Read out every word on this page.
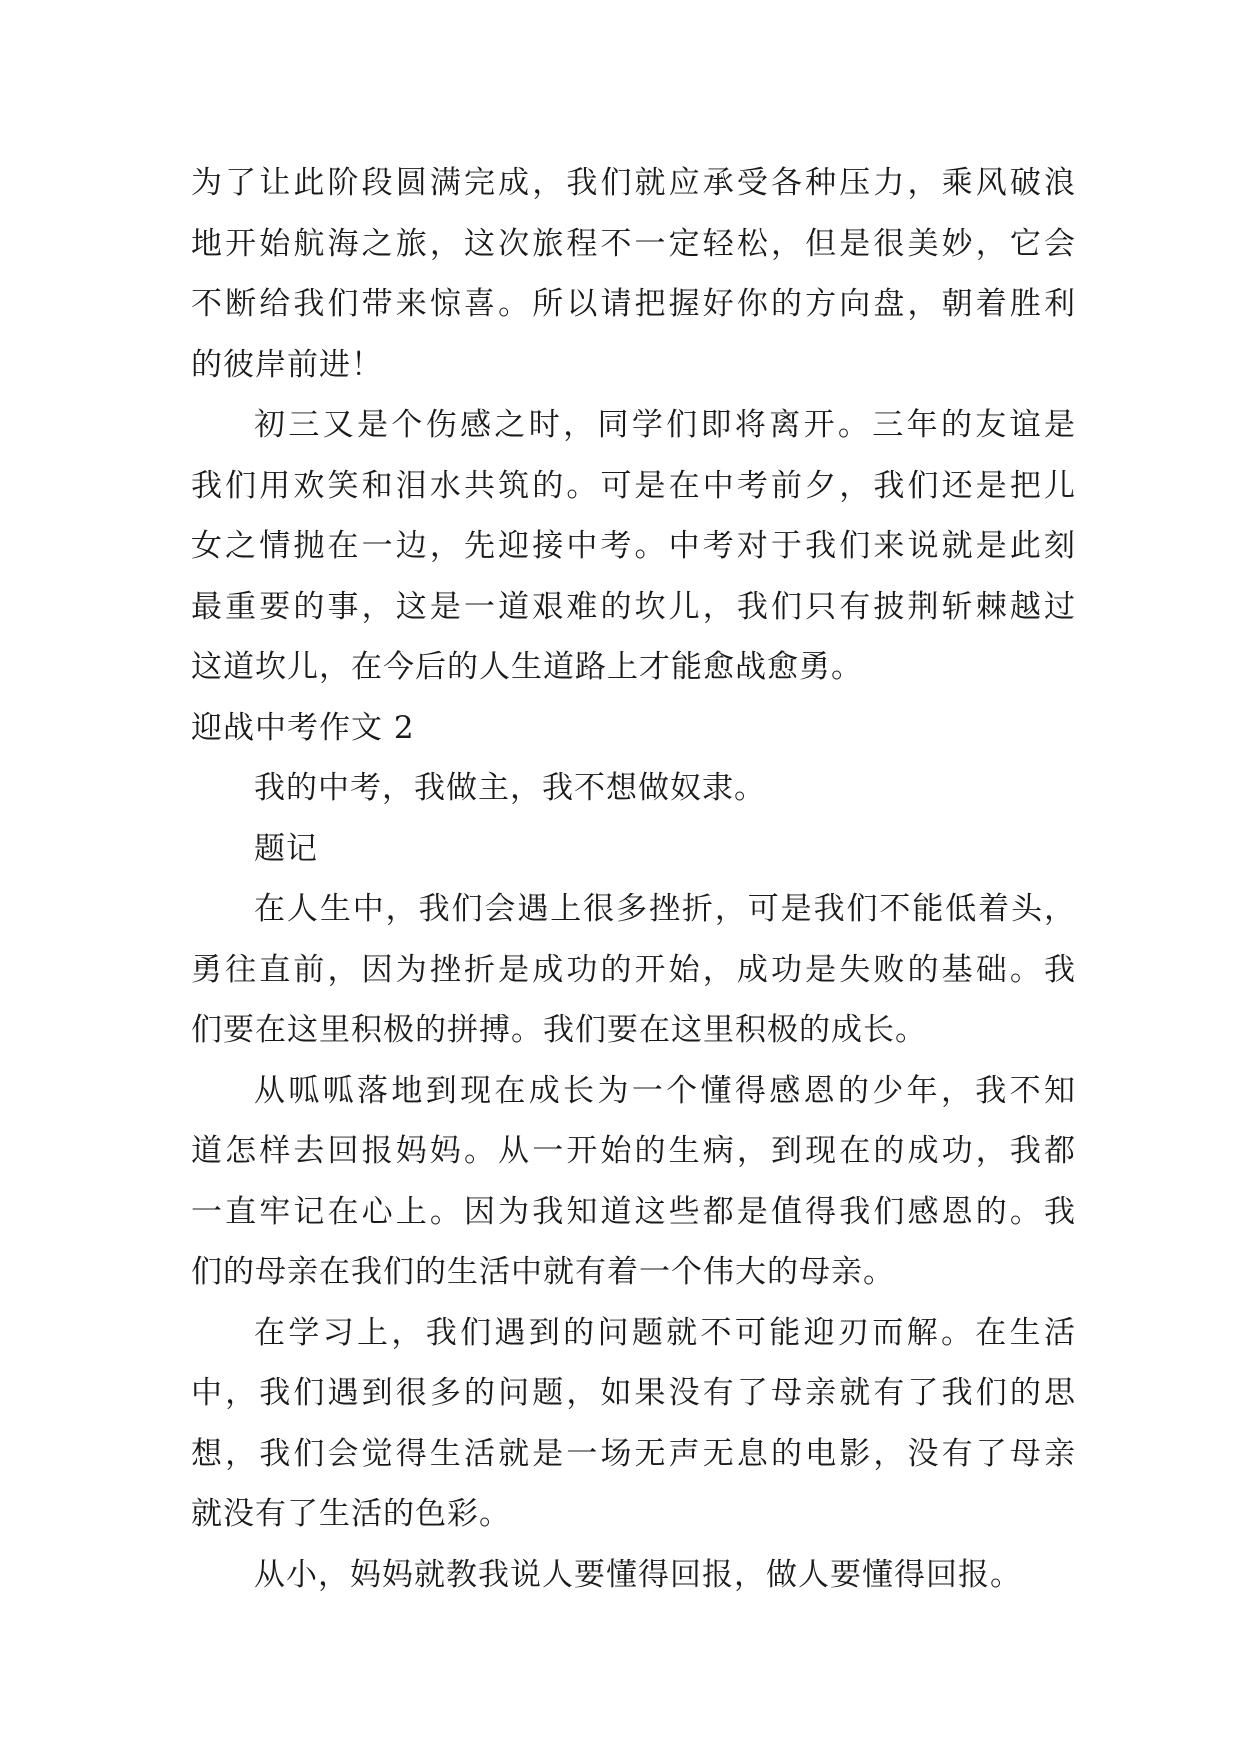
为了让此阶段圆满完成，我们就应承受各种压力，乘风破浪
地开始航海之旅，这次旅程不一定轻松，但是很美妙，它会
不断给我们带来惊喜。所以请把握好你的方向盘，朝着胜利
的彼岸前进！
初三又是个伤感之时，同学们即将离开。三年的友谊是
我们用欢笑和泪水共筑的。可是在中考前夕，我们还是把儿
女之情抛在一边，先迎接中考。中考对于我们来说就是此刻
最重要的事，这是一道艰难的坎儿，我们只有披荆斩棘越过
这道坎儿，在今后的人生道路上才能愈战愈勇。
迎战中考作文 2
我的中考，我做主，我不想做奴隶。
题记
在人生中，我们会遇上很多挫折，可是我们不能低着头，
勇往直前，因为挫折是成功的开始，成功是失败的基础。我
们要在这里积极的拼搏。我们要在这里积极的成长。
从呱呱落地到现在成长为一个懂得感恩的少年，我不知
道怎样去回报妈妈。从一开始的生病，到现在的成功，我都
一直牢记在心上。因为我知道这些都是值得我们感恩的。我
们的母亲在我们的生活中就有着一个伟大的母亲。
在学习上，我们遇到的问题就不可能迎刃而解。在生活
中，我们遇到很多的问题，如果没有了母亲就有了我们的思
想，我们会觉得生活就是一场无声无息的电影，没有了母亲
就没有了生活的色彩。
从小，妈妈就教我说人要懂得回报，做人要懂得回报。
